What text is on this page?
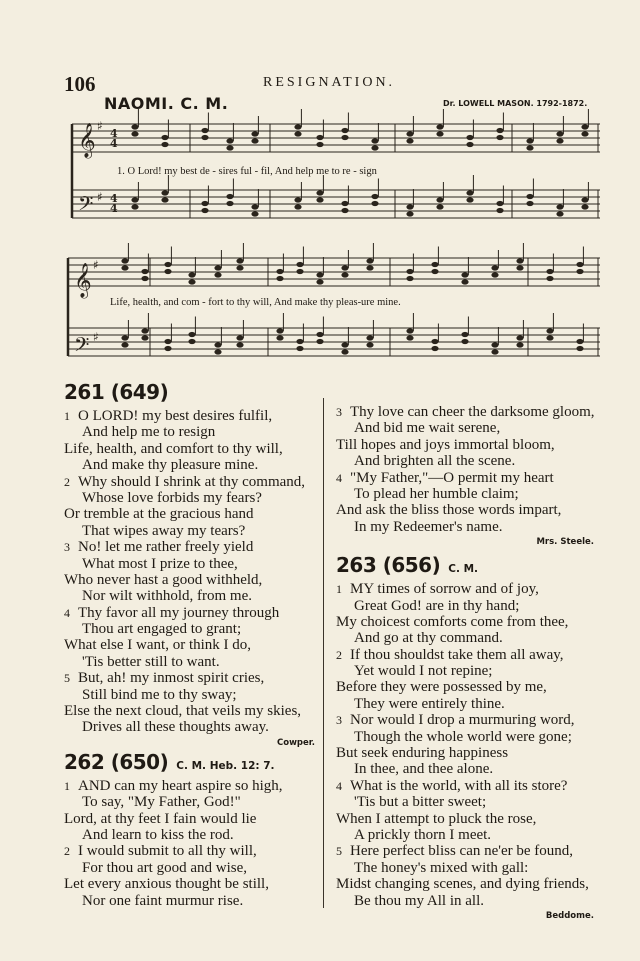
106	RESIGNATION.
NAOMI. C. M.	Dr. LOWELL MASON. 1792-1872.
𝄞
𝄢
𝄞
𝄢
4
4
4
4
♯
♯
♯
♯
1. O Lord! my best de - sires ful - fil, And help me to re - sign
Life, health, and com - fort to thy will, And make thy pleas-ure mine.
261 (649)
1 O LORD! my best desires fulfil,
And help me to resign
Life, health, and comfort to thy will,
And make thy pleasure mine.
2 Why should I shrink at thy command,
Whose love forbids my fears?
Or tremble at the gracious hand
That wipes away my tears?
3 No! let me rather freely yield
What most I prize to thee,
Who never hast a good withheld,
Nor wilt withhold, from me.
4 Thy favor all my journey through
Thou art engaged to grant;
What else I want, or think I do,
'Tis better still to want.
5 But, ah! my inmost spirit cries,
Still bind me to thy sway;
Else the next cloud, that veils my skies,
Drives all these thoughts away.
Cowper.
262 (650) C. M. Heb. 12: 7.
1 AND can my heart aspire so high,
To say, "My Father, God!"
Lord, at thy feet I fain would lie
And learn to kiss the rod.
2 I would submit to all thy will,
For thou art good and wise,
Let every anxious thought be still,
Nor one faint murmur rise.
3 Thy love can cheer the darksome gloom,
And bid me wait serene,
Till hopes and joys immortal bloom,
And brighten all the scene.
4 "My Father,"—O permit my heart
To plead her humble claim;
And ask the bliss those words impart,
In my Redeemer's name.
Mrs. Steele.
263 (656) C. M.
1 MY times of sorrow and of joy,
Great God! are in thy hand;
My choicest comforts come from thee,
And go at thy command.
2 If thou shouldst take them all away,
Yet would I not repine;
Before they were possessed by me,
They were entirely thine.
3 Nor would I drop a murmuring word,
Though the whole world were gone;
But seek enduring happiness
In thee, and thee alone.
4 What is the world, with all its store?
'Tis but a bitter sweet;
When I attempt to pluck the rose,
A prickly thorn I meet.
5 Here perfect bliss can ne'er be found,
The honey's mixed with gall:
Midst changing scenes, and dying friends,
Be thou my All in all.
Beddome.
